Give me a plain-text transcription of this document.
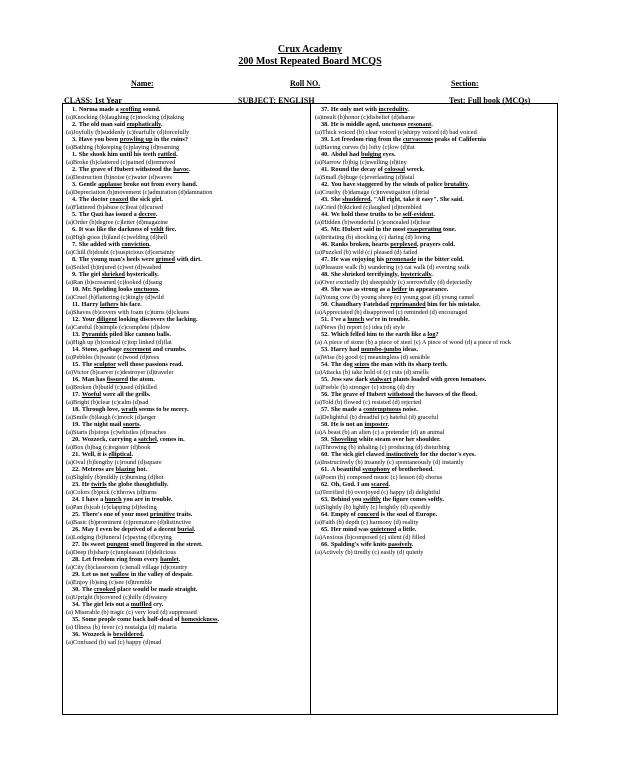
Crux Academy
200 Most Repeated Board MCQS
Name:	Roll NO.	Section:
CLASS: 1st Year	SUBJECT: ENGLISH	Test: Full book (MCQs)
1. Norma made a scoffing sound.
(a)Knocking (b)laughing (c)mocking (d)taking
2. The old man said emphatically.
(a)Joyfully (b)suddenly (c)fearfully (d)forcefully
3. Have you been prowling up in the ruins?
(a)Bathing (b)keeping (c)playing (d)roaming
1. She shook him until his teeth rattled.
(a)Broke (b)clattered (c)pained (d)removed
2. The grave of Hubert withstood the havoc.
(a)Destruction (b)noise (c)water (d)waves
3. Gentle applause broke out from every hand.
(a)Depreciation (b)movement (c)admiration (d)damnation
4. The doctor coaxed the sick girl.
(a)Flattered (b)abuse (c)beat (d)cursed
5. The Qazi has issued a decree.
(a)Order (b)degree (c)letter (d)magazine
6. It was like the darkness of veldt fire.
(a)High grass (b)land (c)welding (d)hell
7. She added with conviction.
(a)Chill (b)doubt (c)suspicious (d)certainty
8. The young man's heels were grimed with dirt.
(a)Soiled (b)injured (c)wet (d)washed
9. The girl shrieked hysterically.
(a)Ran (b)screamed (c)looked (d)sang
10. Mr. Spelding looks unctuous.
(a)Cruel (b)flattering (c)kingly (d)wild
11. Harry lathers his face.
(a)Shaves (b)covers with foam (c)turns (d)cleans
12. Your diligent looking discovers the lacking.
(a)Careful (b)simple (c)complete (d)slow
13. Pyramids piled like cannon balls.
(a)High up (b)conical (c)top linked (d)flat
14. Stone, garbage excrement and crumbs.
(a)Pebbles (b)waste (c)wood (d)trees
15. The sculptor well those passions read.
(a)Victor (b)carver (c)destroyer (d)traveler
16. Man has fissured the atom.
(a)Broken (b)build (c)used (d)killed
17. Woeful were all the grills.
(a)Bright (b)clear (c)calm (d)sad
18. Through love, wrath seems to be mercy.
(a)Smile (b)laugh (c)mock (d)anger
19. The night mail snorts.
(a)Starts (b)stops (c)whistles (d)reaches
20. Wozzeck, carrying a satchel, comes in.
(a)Box (b)bag (c)register (d)book
21. Well, it is elliptical.
(a)Oval (b)lengthy (c)round (d)square
22. Meteros are blazing hot.
(a)Slightly (b)mildly (c)burning (d)hot
23. He twirls the globe thoughtfully.
(a)Colors (b)pick (c)throws (d)turns
24. I have a hunch you are in trouble.
(a)Pan (b)cab (c)clapping (d)feeling
25. There's one of your most primitive traits.
(a)Basic (b)prominent (c)premature (d)distinctive
26. May I even be deprived of a decent burial.
(a)Lodging (b)funeral (c)paying (d)crying
27. Its sweet pungent smell lingered in the street.
(a)Deep (b)sharp (c)unpleasant (d)delicious
28. Let freedom ring from every hamlet.
(a)City (b)classroom (c)small village (d)country
29. Let us not wallow in the valley of despair.
(a)Enjoy (b)sing (c)see (d)tremble
30. The crooked place would be made straight.
(a)Upright (b)covered (c)hilly (d)watery
34. The girl lets out a muffled cry.
(a) Miserable (b) tragic (c) very loud (d) suppressed
35. Some people come back half-dead of homesickness.
(a) Illness (b) fever (c) nostalgia (d) malaria
36. Wozzeck is bewildered.
(a)Confused (b) sad (c) happy (d)mad
37. He only met with incredulity.
(a)insult (b)honor (c)disbelief (d)shame
38. He is middle aged, unctuous resonant.
(a)Thick voiced (b) clear voiced (c)shirpy voiced (d) bad voiced
39. Let freedom ring from the curvaceous peaks of California
(a)Having curves (b) lofty (c)low (d)fat
40. Abdul had bulging eyes.
(a)Narrow (b)big (c)swelling (d)tiny
41. Round the decay of colossal wreck.
(a)Small (b)huge (c)everlasting (d)fatal
42. You have staggered by the winds of police brutality.
(a)Cruelty (b)damage (c)investigation (d)trial
43. She shuddered, "All right, take it easy". She said.
(a)Cried (b)kicked (c)laughed (d)trembled
44. We hold these truths to be self-evident.
(a)Hidden (b)wonderful (c)concealed (d)clear
45. Mr. Hubert said in the most exasperating tone.
(a)Irritating (b) shocking (c) daring (d) loving
46. Ranks broken, hearts perplexed, prayers cold.
(a)Puzzled (b) wild (c) pleased (d) failed
47. He was enjoying his promenade in the bitter cold.
(a)Pleasure walk (b) wandering (c) cat walk (d) evening walk
48. She shrieked terrifyingly, hysterically.
(a)Over excitedly (b) sheepishly (c) sorrowfully (d) dejectedly
49. She was as strong as a heifer in appearance.
(a)Young cow (b) young sheep (c) young goat (d) young camel
50. Chaudhary Fatehdad reprimanded him for his mistake.
(a)Appreciated (b) disapproved (c) reminded (d) encouraged
51. I've a hunch we're in trouble.
(a)News (b) report (c) idea (d) style
52. Which felled him to the earth like a log?
(a) A piece of stone (b) a piece of steel (c) A piece of wood (d) a piece of rock
53. Harry had mumbo-jumbo ideas.
(a)Wise (b) good (c) meaningless (d) sensible
54. The dog seizes the man with its sharp teeth.
(a)Attacks (b) take hold of (c) cuts (d) smells
55. Jess saw dark stalwart plants loaded with green tomatoes.
(a)Feeble (b) stronger (c) strong (d) dry
56. The grave of Hubert withstood the havocs of the flood.
(a)Told (b) flowed (c) resisted (d) rejected
57. She made a contemptuous noise.
(a)Delightful (b) dreadful (c) hateful (d) graceful
58. He is not an imposter.
(a)A beast (b) an alien (c) a pretender (d) an animal
59. Shoveling white steam over her shoulder.
(a)Throwing (b) inhaling (c) producing (d) disturbing
60. The sick girl clawed instinctively for the doctor's eyes.
(a)Instructively (b) insanely (c) spontaneously (d) instantly
61. A beautiful symphony of brotherhood.
(a)Poem (b) composed music (c) lesson (d) chorus
62. Oh, God. I am scared.
(a)Terrified (b) overjoyed (c) happy (d) delightful
63. Behind you swiftly the figure comes softly.
(a)Slightly (b) lightly (c) brightly (d) speedily
64. Empty of concord is the soul of Europe.
(a)Faith (b) depth (c) harmony (d) reality
65. Her mind was quietened a little.
(a)Anxious (b)composed (c) silent (d) filled
66. Spalding's wife knits passively.
(a)Actively (b) tiredly (c) easily (d) quietly
